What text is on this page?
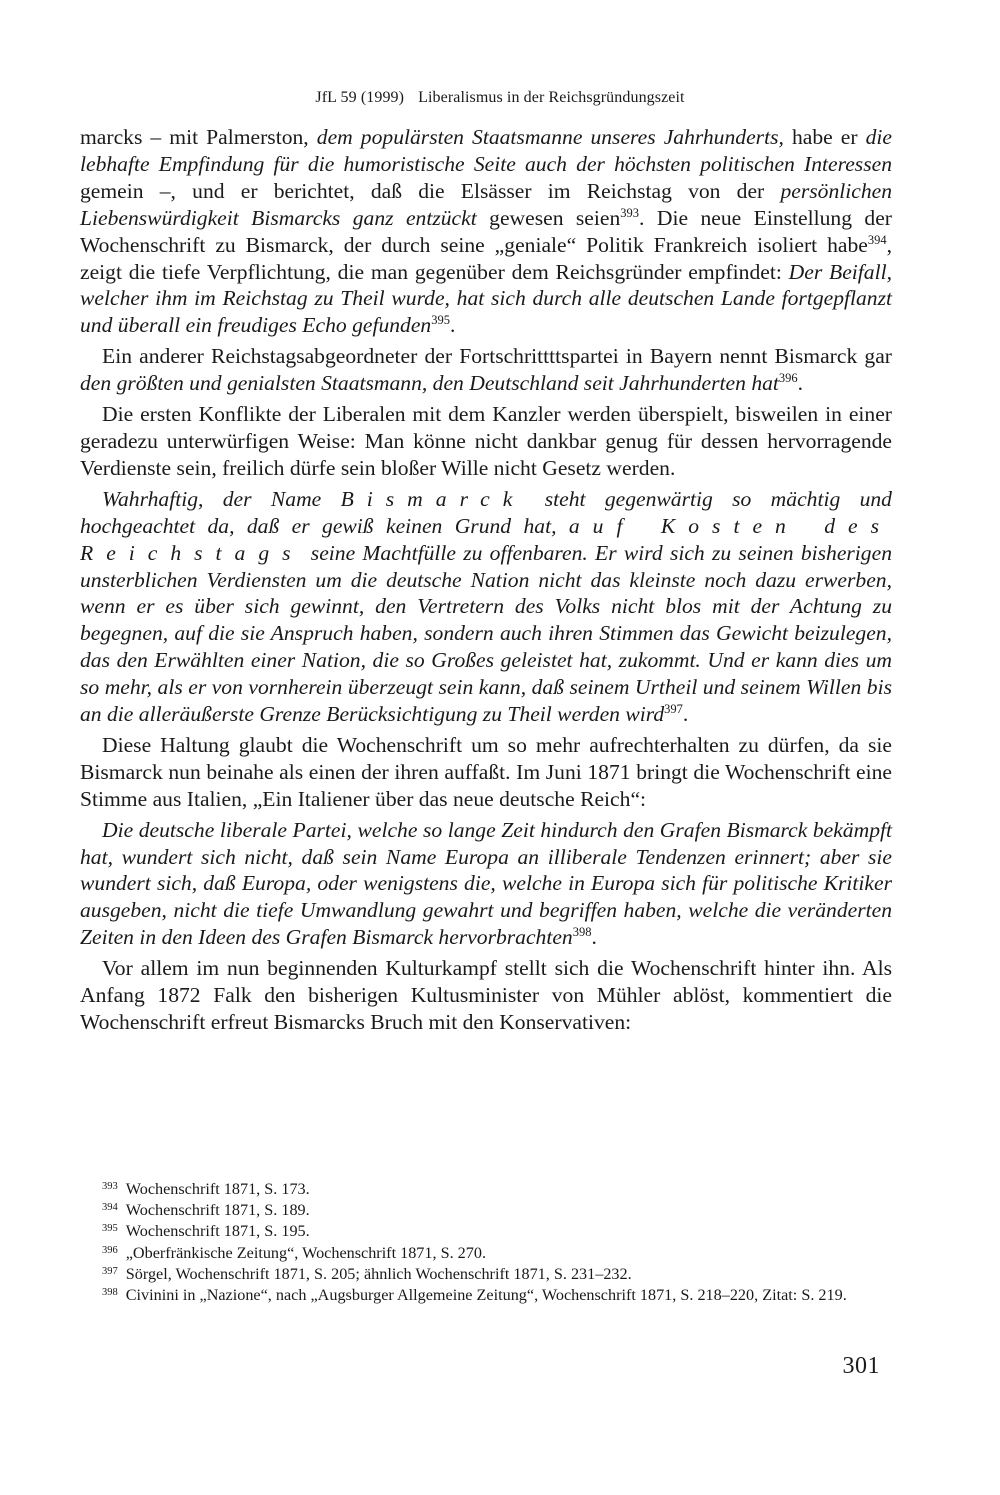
JfL 59 (1999) Liberalismus in der Reichsgründungszeit

marcks – mit Palmerston, dem populärsten Staatsmanne unseres Jahrhunderts, habe er die lebhafte Empfindung für die humoristische Seite auch der höchsten politischen Interessen gemein –, und er berichtet, daß die Elsässer im Reichstag von der persönlichen Liebenswürdigkeit Bismarcks ganz entzückt gewesen seien$^{393}$. Die neue Einstellung der Wochenschrift zu Bismarck, der durch seine „geniale“ Politik Frankreich isoliert habe$^{394}$, zeigt die tiefe Verpflichtung, die man gegenüber dem Reichsgründer empfindet: Der Beifall, welcher ihm im Reichstag zu Theil wurde, hat sich durch alle deutschen Lande fortgepflanzt und überall ein freudiges Echo gefunden$^{395}$.

Ein anderer Reichstagsabgeordneter der Fortschrittttspartei in Bayern nennt Bismarck gar den größten und genialsten Staatsmann, den Deutschland seit Jahrhunderten hat$^{396}$.

Die ersten Konflikte der Liberalen mit dem Kanzler werden überspielt, bisweilen in einer geradezu unterwürfigen Weise: Man könne nicht dankbar genug für dessen hervorragende Verdienste sein, freilich dürfe sein bloßer Wille nicht Gesetz werden.

Wahrhaftig, der Name Bismarck steht gegenwärtig so mächtig und hochgeachtet da, daß er gewiß keinen Grund hat, auf Kosten des Reichstags seine Machtfülle zu offenbaren. Er wird sich zu seinen bisherigen unsterblichen Verdiensten um die deutsche Nation nicht das kleinste noch dazu erwerben, wenn er es über sich gewinnt, den Vertretern des Volks nicht blos mit der Achtung zu begegnen, auf die sie Anspruch haben, sondern auch ihren Stimmen das Gewicht beizulegen, das den Erwählten einer Nation, die so Großes geleistet hat, zukommt. Und er kann dies um so mehr, als er von vornherein überzeugt sein kann, daß seinem Urtheil und seinem Willen bis an die alleräußerste Grenze Berücksichtigung zu Theil werden wird$^{397}$.

Diese Haltung glaubt die Wochenschrift um so mehr aufrechterhalten zu dürfen, da sie Bismarck nun beinahe als einen der ihren auffaßt. Im Juni 1871 bringt die Wochenschrift eine Stimme aus Italien, „Ein Italiener über das neue deutsche Reich“:

Die deutsche liberale Partei, welche so lange Zeit hindurch den Grafen Bismarck bekämpft hat, wundert sich nicht, daß sein Name Europa an illiberale Tendenzen erinnert; aber sie wundert sich, daß Europa, oder wenigstens die, welche in Europa sich für politische Kritiker ausgeben, nicht die tiefe Umwandlung gewahrt und begriffen haben, welche die veränderten Zeiten in den Ideen des Grafen Bismarck hervorbrachten$^{398}$.

Vor allem im nun beginnenden Kulturkampf stellt sich die Wochenschrift hinter ihn. Als Anfang 1872 Falk den bisherigen Kultusminister von Mühler ablöst, kommentiert die Wochenschrift erfreut Bismarcks Bruch mit den Konservativen:

$^{393}$ Wochenschrift 1871, S. 173.
$^{394}$ Wochenschrift 1871, S. 189.
$^{395}$ Wochenschrift 1871, S. 195.
$^{396}$ „Oberfränkische Zeitung“, Wochenschrift 1871, S. 270.
$^{397}$ Sörgel, Wochenschrift 1871, S. 205; ähnlich Wochenschrift 1871, S. 231–232.
$^{398}$ Civinini in „Nazione“, nach „Augsburger Allgemeine Zeitung“, Wochenschrift 1871, S. 218–220, Zitat: S. 219.
301
